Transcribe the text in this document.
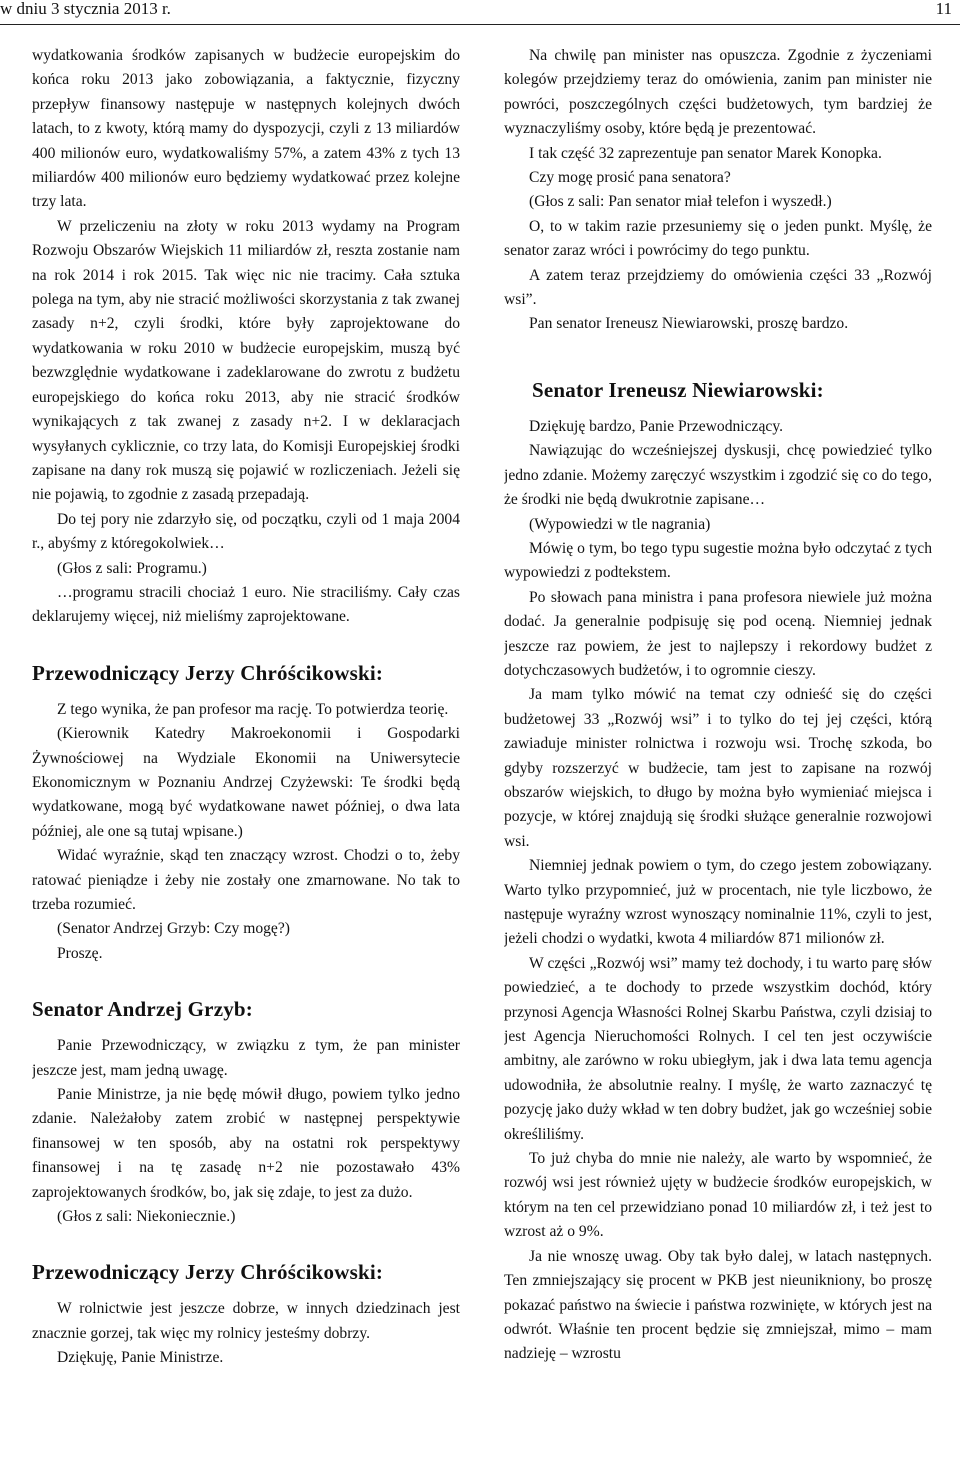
w dniu 3 stycznia 2013 r.	11

wydatkowania środków zapisanych w budżecie europejskim do końca roku 2013 jako zobowiązania, a faktycznie, fizyczny przepływ finansowy następuje w następnych kolejnych dwóch latach, to z kwoty, którą mamy do dyspozycji, czyli z 13 miliardów 400 milionów euro, wydatkowaliśmy 57%, a zatem 43% z tych 13 miliardów 400 milionów euro będziemy wydatkować przez kolejne trzy lata.

W przeliczeniu na złoty w roku 2013 wydamy na Program Rozwoju Obszarów Wiejskich 11 miliardów zł, reszta zostanie nam na rok 2014 i rok 2015. Tak więc nic nie tracimy. Cała sztuka polega na tym, aby nie stracić możliwości skorzystania z tak zwanej zasady n+2, czyli środki, które były zaprojektowane do wydatkowania w roku 2010 w budżecie europejskim, muszą być bezwzględnie wydatkowane i zadeklarowane do zwrotu z budżetu europejskiego do końca roku 2013, aby nie stracić środków wynikających z tak zwanej z zasady n+2. I w deklaracjach wysyłanych cyklicznie, co trzy lata, do Komisji Europejskiej środki zapisane na dany rok muszą się pojawić w rozliczeniach. Jeżeli się nie pojawią, to zgodnie z zasadą przepadają.

Do tej pory nie zdarzyło się, od początku, czyli od 1 maja 2004 r., abyśmy z któregokolwiek…

(Głos z sali: Programu.)

…programu stracili chociaż 1 euro. Nie straciliśmy. Cały czas deklarujemy więcej, niż mieliśmy zaprojektowane.

Przewodniczący Jerzy Chróścikowski:

Z tego wynika, że pan profesor ma rację. To potwierdza teorię.

(Kierownik Katedry Makroekonomii i Gospodarki Żywnościowej na Wydziale Ekonomii na Uniwersytecie Ekonomicznym w Poznaniu Andrzej Czyżewski: Te środki będą wydatkowane, mogą być wydatkowane nawet później, o dwa lata później, ale one są tutaj wpisane.)

Widać wyraźnie, skąd ten znaczący wzrost. Chodzi o to, żeby ratować pieniądze i żeby nie zostały one zmarnowane. No tak to trzeba rozumieć.

(Senator Andrzej Grzyb: Czy mogę?)

Proszę.

Senator Andrzej Grzyb:

Panie Przewodniczący, w związku z tym, że pan minister jeszcze jest, mam jedną uwagę.

Panie Ministrze, ja nie będę mówił długo, powiem tylko jedno zdanie. Należałoby zatem zrobić w następnej perspektywie finansowej w ten sposób, aby na ostatni rok perspektywy finansowej i na tę zasadę n+2 nie pozostawało 43% zaprojektowanych środków, bo, jak się zdaje, to jest za dużo.

(Głos z sali: Niekoniecznie.)

Przewodniczący Jerzy Chróścikowski:

W rolnictwie jest jeszcze dobrze, w innych dziedzinach jest znacznie gorzej, tak więc my rolnicy jesteśmy dobrzy.

Dziękuję, Panie Ministrze.

Na chwilę pan minister nas opuszcza. Zgodnie z życzeniami kolegów przejdziemy teraz do omówienia, zanim pan minister nie powróci, poszczególnych części budżetowych, tym bardziej że wyznaczyliśmy osoby, które będą je prezentować.

I tak część 32 zaprezentuje pan senator Marek Konopka.

Czy mogę prosić pana senatora?

(Głos z sali: Pan senator miał telefon i wyszedł.)

O, to w takim razie przesuniemy się o jeden punkt. Myślę, że senator zaraz wróci i powrócimy do tego punktu.

A zatem teraz przejdziemy do omówienia części 33 „Rozwój wsi”.

Pan senator Ireneusz Niewiarowski, proszę bardzo.

Senator Ireneusz Niewiarowski:

Dziękuję bardzo, Panie Przewodniczący.

Nawiązując do wcześniejszej dyskusji, chcę powiedzieć tylko jedno zdanie. Możemy zaręczyć wszystkim i zgodzić się co do tego, że środki nie będą dwukrotnie zapisane…

(Wypowiedzi w tle nagrania)

Mówię o tym, bo tego typu sugestie można było odczytać z tych wypowiedzi z podtekstem.

Po słowach pana ministra i pana profesora niewiele już można dodać. Ja generalnie podpisuję się pod oceną. Niemniej jednak jeszcze raz powiem, że jest to najlepszy i rekordowy budżet z dotychczasowych budżetów, i to ogromnie cieszy.

Ja mam tylko mówić na temat czy odnieść się do części budżetowej 33 „Rozwój wsi” i to tylko do tej jej części, którą zawiaduje minister rolnictwa i rozwoju wsi. Trochę szkoda, bo gdyby rozszerzyć w budżecie, tam jest to zapisane na rozwój obszarów wiejskich, to długo by można było wymieniać miejsca i pozycje, w której znajdują się środki służące generalnie rozwojowi wsi.

Niemniej jednak powiem o tym, do czego jestem zobowiązany. Warto tylko przypomnieć, już w procentach, nie tyle liczbowo, że następuje wyraźny wzrost wynoszący nominalnie 11%, czyli to jest, jeżeli chodzi o wydatki, kwota 4 miliardów 871 milionów zł.

W części „Rozwój wsi” mamy też dochody, i tu warto parę słów powiedzieć, a te dochody to przede wszystkim dochód, który przynosi Agencja Własności Rolnej Skarbu Państwa, czyli dzisiaj to jest Agencja Nieruchomości Rolnych. I cel ten jest oczywiście ambitny, ale zarówno w roku ubiegłym, jak i dwa lata temu agencja udowodniła, że absolutnie realny. I myślę, że warto zaznaczyć tę pozycję jako duży wkład w ten dobry budżet, jak go wcześniej sobie określiliśmy.

To już chyba do mnie nie należy, ale warto by wspomnieć, że rozwój wsi jest również ujęty w budżecie środków europejskich, w którym na ten cel przewidziano ponad 10 miliardów zł, i też jest to wzrost aż o 9%.

Ja nie wnoszę uwag. Oby tak było dalej, w latach następnych. Ten zmniejszający się procent w PKB jest nieunikniony, bo proszę pokazać państwo na świecie i państwa rozwinięte, w których jest na odwrót. Właśnie ten procent będzie się zmniejszał, mimo – mam nadzieję – wzrostu
